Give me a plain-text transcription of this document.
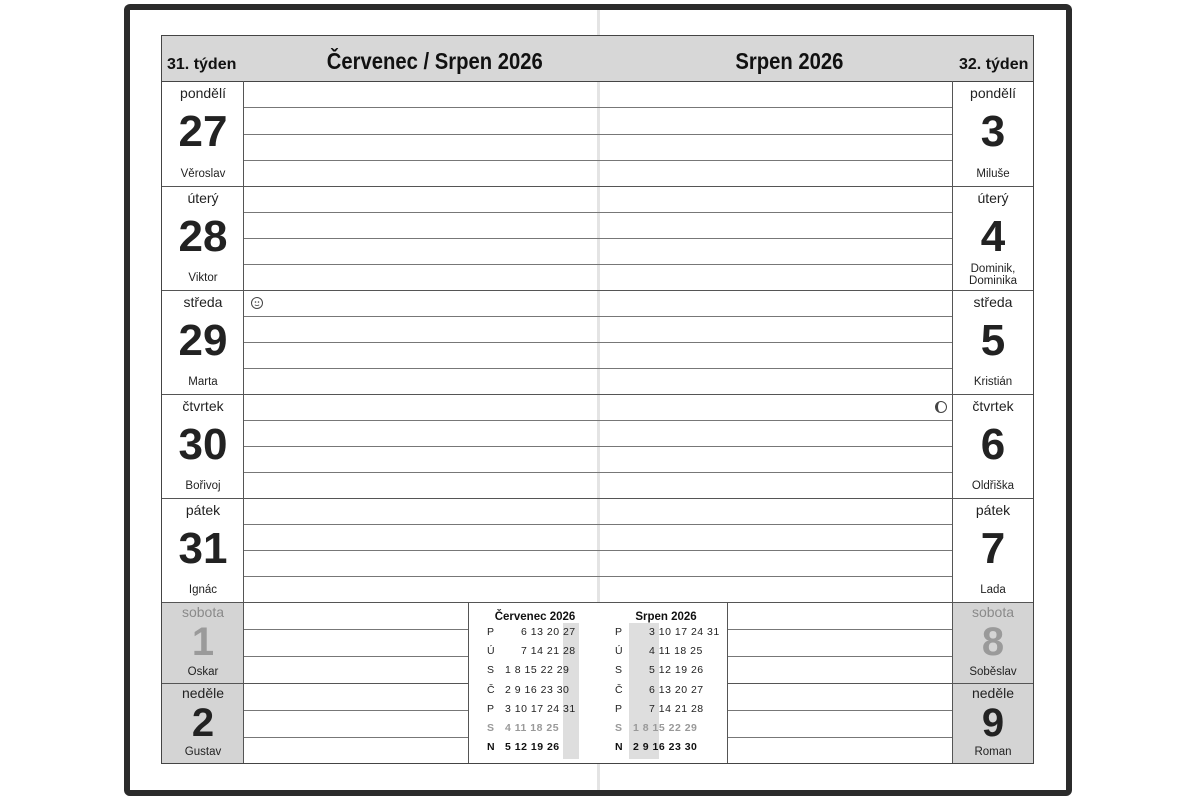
31. týden	Červenec / Srpen 2026	Srpen 2026	32. týden
pondělí
27
Věroslav
úterý
28
Viktor
středa
29
Marta
čtvrtek
30
Bořivoj
pátek
31
Ignác
sobota
1
Oskar
neděle
2
Gustav
pondělí
3
Miluše
úterý
4
Dominik, Dominika
středa
5
Kristián
čtvrtek
6
Oldřiška
pátek
7
Lada
sobota
8
Soběslav
neděle
9
Roman
Červenec 2026
P	6 13 20 27
Ú	7 14 21 28
S	1 8 15 22 29
Č 2 9 16 23 30
P	3 10 17 24 31
S	4 11 18 25
N 5 12 19 26
Srpen 2026
P	3 10 17 24 31
Ú	4 11 18 25
S	5 12 19 26
Č	6 13 20 27
P	7 14 21 28
S	1 8 15 22 29
N 2 9 16 23 30
